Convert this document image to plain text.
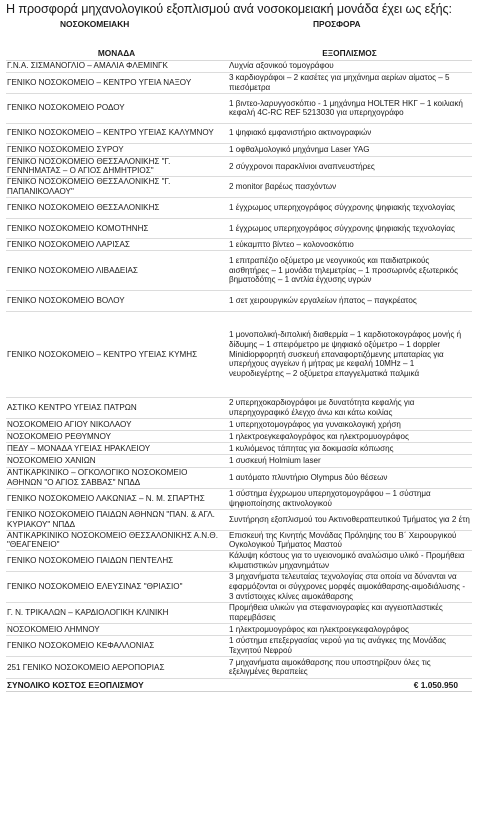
Η προσφορά μηχανολογικού εξοπλισμού ανά νοσοκομειακή μονάδα έχει ως εξής:
ΝΟΣΟΚΟΜΕΙΑΚΗ	ΠΡΟΣΦΟΡΑ
ΜΟΝΑΔΑ	ΕΞΟΠΛΙΣΜΟΣ
Γ.Ν.Α. ΣΙΣΜΑΝΟΓΛΙΟ – ΑΜΑΛΙΑ ΦΛΕΜΙΝΓΚ	Λυχνία αξονικού τομογράφου
ΓΕΝΙΚΟ ΝΟΣΟΚΟΜΕΙΟ – ΚΕΝΤΡΟ ΥΓΕΙΑ ΝΑΞΟΥ	3 καρδιογράφοι – 2 κασέτες για μηχάνημα αερίων αίματος – 5 πιεσόμετρα
ΓΕΝΙΚΟ ΝΟΣΟΚΟΜΕΙΟ ΡΟΔΟΥ	1 βιντεο-λαρυγγοσκόπιο - 1 μηχάνημα HOLTER ΗΚΓ – 1 κοιλιακή κεφαλή 4C-RC REF 5213030 για υπερηχογράφο
ΓΕΝΙΚΟ ΝΟΣΟΚΟΜΕΙΟ – ΚΕΝΤΡΟ ΥΓΕΙΑΣ ΚΑΛΥΜΝΟΥ	1 ψηφιακό εμφανιστήριο ακτινογραφιών
ΓΕΝΙΚΟ ΝΟΣΟΚΟΜΕΙΟ ΣΥΡΟΥ	1 οφθαλμολογικό μηχάνημα Laser YAG
ΓΕΝΙΚΟ ΝΟΣΟΚΟΜΕΙΟ ΘΕΣΣΑΛΟΝΙΚΗΣ "Γ. ΓΕΝΝΗΜΑΤΑΣ – Ο ΑΓΙΟΣ ΔΗΜΗΤΡΙΟΣ"	2 σύγχρονοι παρακλίνιοι αναπνευστήρες
ΓΕΝΙΚΟ ΝΟΣΟΚΟΜΕΙΟ ΘΕΣΣΑΛΟΝΙΚΗΣ "Γ. ΠΑΠΑΝΙΚΟΛΑΟΥ"	2 monitor βαρέως πασχόντων
ΓΕΝΙΚΟ ΝΟΣΟΚΟΜΕΙΟ ΘΕΣΣΑΛΟΝΙΚΗΣ	1 έγχρωμος υπερηχογράφος σύγχρονης ψηφιακής τεχνολογίας
ΓΕΝΙΚΟ ΝΟΣΟΚΟΜΕΙΟ ΚΟΜΟΤΗΝΗΣ	1 έγχρωμος υπερηχογράφος σύγχρονης ψηφιακής τεχνολογίας
ΓΕΝΙΚΟ ΝΟΣΟΚΟΜΕΙΟ ΛΑΡΙΣΑΣ	1 εύκαμπτο βίντεο – κολονοσκόπιο
ΓΕΝΙΚΟ ΝΟΣΟΚΟΜΕΙΟ ΛΙΒΑΔΕΙΑΣ	1 επιτραπέζιο οξύμετρο με νεογνικούς και παιδιατρικούς αισθητήρες – 1 μονάδα τηλεμετρίας – 1 προσωρινός εξωτερικός βηματοδότης – 1 αντλία έγχυσης υγρών
ΓΕΝΙΚΟ ΝΟΣΟΚΟΜΕΙΟ ΒΟΛΟΥ	1 σετ χειρουργικών εργαλείων ήπατος – παγκρέατος
ΓΕΝΙΚΟ ΝΟΣΟΚΟΜΕΙΟ – ΚΕΝΤΡΟ ΥΓΕΙΑΣ ΚΥΜΗΣ	1 μονοπολική-διπολική διαθερμία – 1 καρδιοτοκογράφος μονής ή δίδυμης – 1 σπειρόμετρο με ψηφιακό οξύμετρο – 1 doppler Minidiopφορητή συσκευή επαναφορτιζόμενης μπαταρίας για υπερήχους αγγείων ή μήτρας με κεφαλή 10MHz – 1 νευροδιεγέρτης – 2 οξύμετρα επαγγελματικά παλμικά
ΑΣΤΙΚΟ ΚΕΝΤΡΟ ΥΓΕΙΑΣ ΠΑΤΡΩΝ	2 υπερηχοκαρδιογράφοι με δυνατότητα κεφαλής για υπερηχογραφικό έλεγχο άνω και κάτω κοιλίας
ΝΟΣΟΚΟΜΕΙΟ ΑΓΙΟΥ ΝΙΚΟΛΑΟΥ	1 υπερηχοτομογράφος για γυναικολογική χρήση
ΝΟΣΟΚΟΜΕΙΟ ΡΕΘΥΜΝΟΥ	1 ηλεκτροεγκεφαλογράφος και ηλεκτρομυογράφος
ΠΕΔΥ – ΜΟΝΑΔΑ ΥΓΕΙΑΣ ΗΡΑΚΛΕΙΟΥ	1 κυλιόμενος τάπητας για δοκιμασία κόπωσης
ΝΟΣΟΚΟΜΕΙΟ ΧΑΝΙΩΝ	1 συσκευή Holmium laser
ΑΝΤΙΚΑΡΚΙΝΙΚΟ – ΟΓΚΟΛΟΓΙΚΟ ΝΟΣΟΚΟΜΕΙΟ ΑΘΗΝΩΝ "Ο ΑΓΙΟΣ ΣΑΒΒΑΣ" ΝΠΔΔ	1 αυτόματο πλυντήριο Olympus δύο θέσεων
ΓΕΝΙΚΟ ΝΟΣΟΚΟΜΕΙΟ ΛΑΚΩΝΙΑΣ – Ν. Μ. ΣΠΑΡΤΗΣ	1 σύστημα έγχρωμου υπερηχοτομογράφου – 1 σύστημα ψηφιοποίησης ακτινολογικού
ΓΕΝΙΚΟ ΝΟΣΟΚΟΜΕΙΟ ΠΑΙΔΩΝ ΑΘΗΝΩΝ "ΠΑΝ. & ΑΓΛ. ΚΥΡΙΑΚΟΥ" ΝΠΔΔ	Συντήρηση εξοπλισμού του Ακτινοθεραπευτικού Τμήματος για 2 έτη
ΑΝΤΙΚΑΡΚΙΝΙΚΟ ΝΟΣΟΚΟΜΕΙΟ ΘΕΣΣΑΛΟΝΙΚΗΣ Α.Ν.Θ. "ΘΕΑΓΕΝΕΙΟ"	Επισκευή της Κινητής Μονάδας Πρόληψης του Β΄ Χειρουργικού Ογκολογικού Τμήματος Μαστού
ΓΕΝΙΚΟ ΝΟΣΟΚΟΜΕΙΟ ΠΑΙΔΩΝ ΠΕΝΤΕΛΗΣ	Κάλυψη κόστους για το υγειονομικό αναλώσιμο υλικό - Προμήθεια κλιματιστικών μηχανημάτων
ΓΕΝΙΚΟ ΝΟΣΟΚΟΜΕΙΟ ΕΛΕΥΣΙΝΑΣ "ΘΡΙΑΣΙΟ"	3 μηχανήματα τελευταίας τεχνολογίας στα οποία να δύνανται να εφαρμόζονται οι σύγχρονες μορφές αιμοκάθαρσης-αιμοδιάλυσης - 3 αντίστοιχες κλίνες αιμοκάθαρσης
Γ. Ν. ΤΡΙΚΑΛΩΝ – ΚΑΡΔΙΟΛΟΓΙΚΗ ΚΛΙΝΙΚΗ	Προμήθεια υλικών για στεφανιογραφίες και αγγειοπλαστικές παρεμβάσεις
ΝΟΣΟΚΟΜΕΙΟ ΛΗΜΝΟΥ	1 ηλεκτρομυογράφος και ηλεκτροεγκεφαλογράφος
ΓΕΝΙΚΟ ΝΟΣΟΚΟΜΕΙΟ ΚΕΦΑΛΛΟΝΙΑΣ	1 σύστημα επεξεργασίας νερού για τις ανάγκες της Μονάδας Τεχνητού Νεφρού
251 ΓΕΝΙΚΟ ΝΟΣΟΚΟΜΕΙΟ ΑΕΡΟΠΟΡΙΑΣ	7 μηχανήματα αιμοκάθαρσης που υποστηρίζουν όλες τις εξελιγμένες θεραπείες
ΣΥΝΟΛΙΚΟ ΚΟΣΤΟΣ ΕΞΟΠΛΙΣΜΟΥ	€ 1.050.950
